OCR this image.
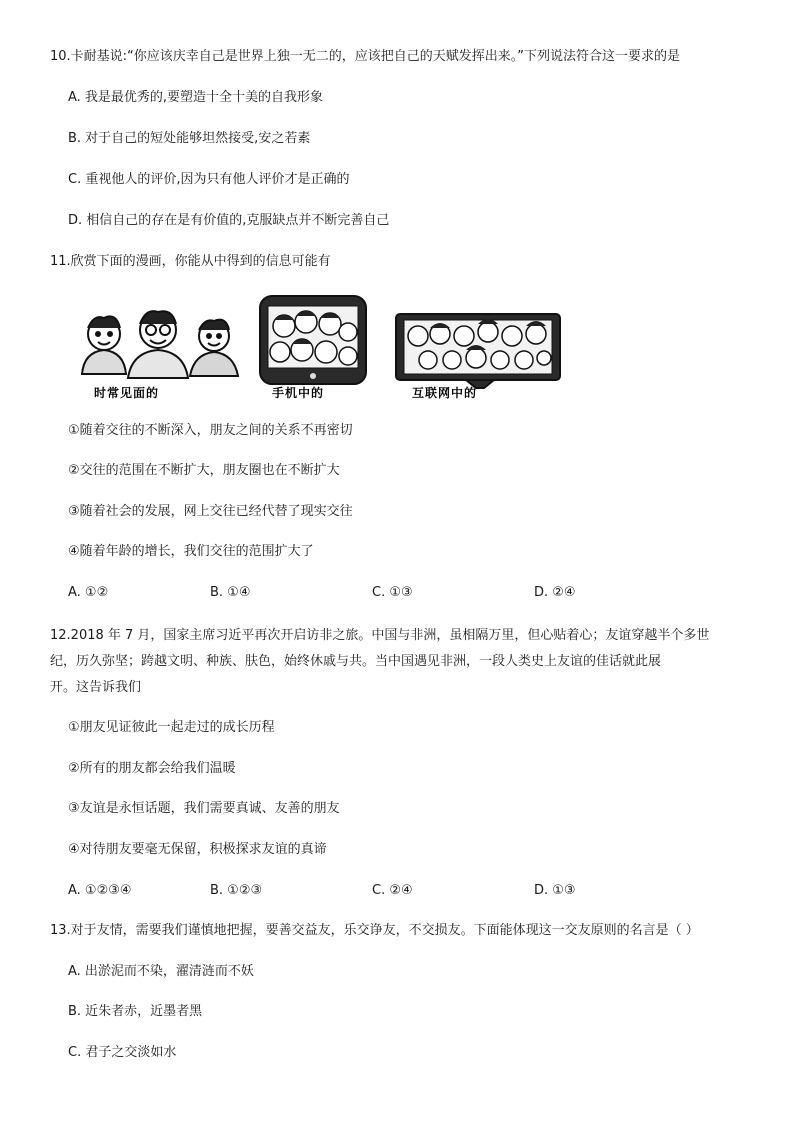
10.卡耐基说:“你应该庆幸自己是世界上独一无二的，应该把自己的天赋发挥出来。”下列说法符合这一要求的是
A. 我是最优秀的,要塑造十全十美的自我形象
B. 对于自己的短处能够坦然接受,安之若素
C. 重视他人的评价,因为只有他人评价才是正确的
D. 相信自己的存在是有价值的,克服缺点并不断完善自己
11.欣赏下面的漫画，你能从中得到的信息可能有
时常见面的	手机中的	互联网中的
①随着交往的不断深入，朋友之间的关系不再密切
②交往的范围在不断扩大，朋友圈也在不断扩大
③随着社会的发展，网上交往已经代替了现实交往
④随着年龄的增长，我们交往的范围扩大了
A. ①②	B. ①④	C. ①③	D. ②④
12.2018 年 7 月，国家主席习近平再次开启访非之旅。中国与非洲，虽相隔万里，但心贴着心；友谊穿越半个多世
纪，历久弥坚；跨越文明、种族、肤色，始终休戚与共。当中国遇见非洲，一段人类史上友谊的佳话就此展
开。这告诉我们
①朋友见证彼此一起走过的成长历程
②所有的朋友都会给我们温暖
③友谊是永恒话题，我们需要真诚、友善的朋友
④对待朋友要毫无保留，积极探求友谊的真谛
A. ①②③④	B. ①②③	C. ②④	D. ①③
13.对于友情，需要我们谨慎地把握，要善交益友，乐交诤友，不交损友。下面能体现这一交友原则的名言是（ ）
A. 出淤泥而不染，濯清涟而不妖
B. 近朱者赤，近墨者黑
C. 君子之交淡如水
